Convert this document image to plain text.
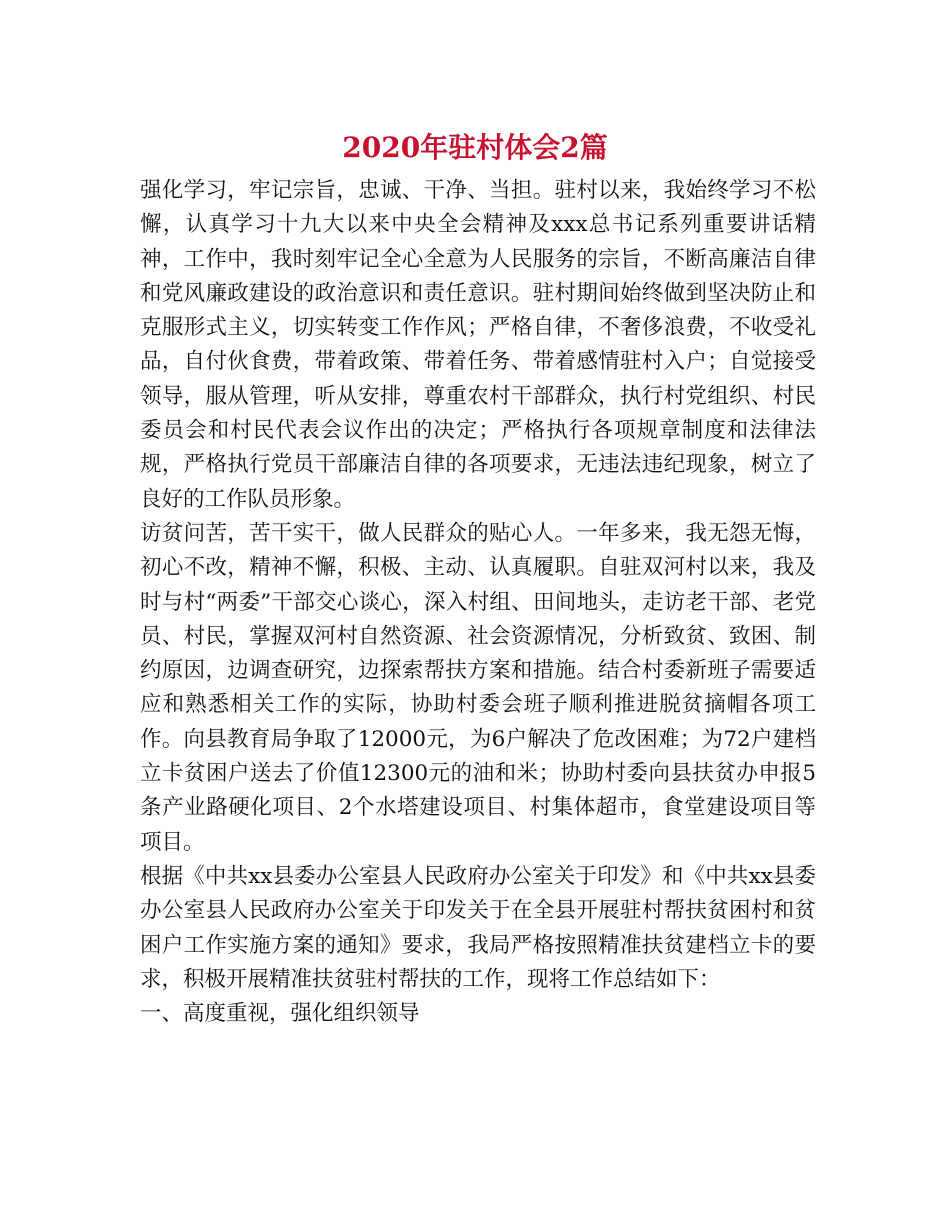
2020年驻村体会2篇

强化学习，牢记宗旨，忠诚、干净、当担。驻村以来，我始终学习不松懈，认真学习十九大以来中央全会精神及xxx总书记系列重要讲话精神，工作中，我时刻牢记全心全意为人民服务的宗旨，不断高廉洁自律和党风廉政建设的政治意识和责任意识。驻村期间始终做到坚决防止和克服形式主义，切实转变工作作风；严格自律，不奢侈浪费，不收受礼品，自付伙食费，带着政策、带着任务、带着感情驻村入户；自觉接受领导，服从管理，听从安排，尊重农村干部群众，执行村党组织、村民委员会和村民代表会议作出的决定；严格执行各项规章制度和法律法规，严格执行党员干部廉洁自律的各项要求，无违法违纪现象，树立了良好的工作队员形象。

访贫问苦，苦干实干，做人民群众的贴心人。一年多来，我无怨无悔，初心不改，精神不懈，积极、主动、认真履职。自驻双河村以来，我及时与村“两委”干部交心谈心，深入村组、田间地头，走访老干部、老党员、村民，掌握双河村自然资源、社会资源情况，分析致贫、致困、制约原因，边调查研究，边探索帮扶方案和措施。结合村委新班子需要适应和熟悉相关工作的实际，协助村委会班子顺利推进脱贫摘帽各项工作。向县教育局争取了12000元，为6户解决了危改困难；为72户建档立卡贫困户送去了价值12300元的油和米；协助村委向县扶贫办申报5条产业路硬化项目、2个水塔建设项目、村集体超市，食堂建设项目等项目。

根据《中共xx县委办公室县人民政府办公室关于印发》和《中共xx县委办公室县人民政府办公室关于印发关于在全县开展驻村帮扶贫困村和贫困户工作实施方案的通知》要求，我局严格按照精准扶贫建档立卡的要求，积极开展精准扶贫驻村帮扶的工作，现将工作总结如下：

一、高度重视，强化组织领导
